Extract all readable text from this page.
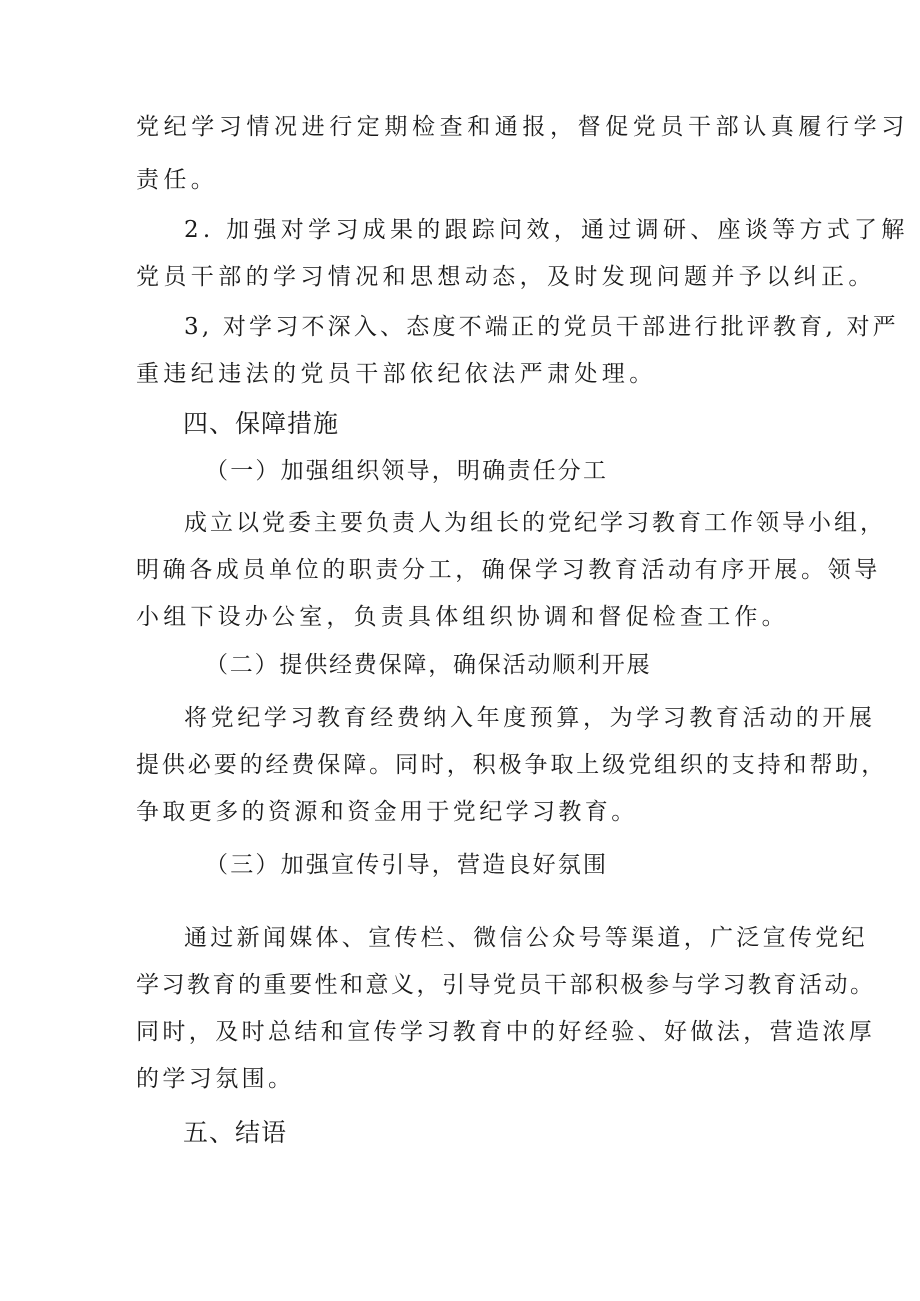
党纪学习情况进行定期检查和通报，督促党员干部认真履行学习
责任。
2. 加强对学习成果的跟踪问效，通过调研、座谈等方式了解
党员干部的学习情况和思想动态，及时发现问题并予以纠正。
3, 对学习不深入、态度不端正的党员干部进行批评教育, 对严
重违纪违法的党员干部依纪依法严肃处理。
四、保障措施
（一）加强组织领导，明确责任分工
成立以党委主要负责人为组长的党纪学习教育工作领导小组，
明确各成员单位的职责分工，确保学习教育活动有序开展。领导
小组下设办公室，负责具体组织协调和督促检查工作。
（二）提供经费保障，确保活动顺利开展
将党纪学习教育经费纳入年度预算，为学习教育活动的开展
提供必要的经费保障。同时，积极争取上级党组织的支持和帮助，
争取更多的资源和资金用于党纪学习教育。
（三）加强宣传引导，营造良好氛围
通过新闻媒体、宣传栏、微信公众号等渠道，广泛宣传党纪
学习教育的重要性和意义，引导党员干部积极参与学习教育活动。
同时，及时总结和宣传学习教育中的好经验、好做法，营造浓厚
的学习氛围。
五、结语
